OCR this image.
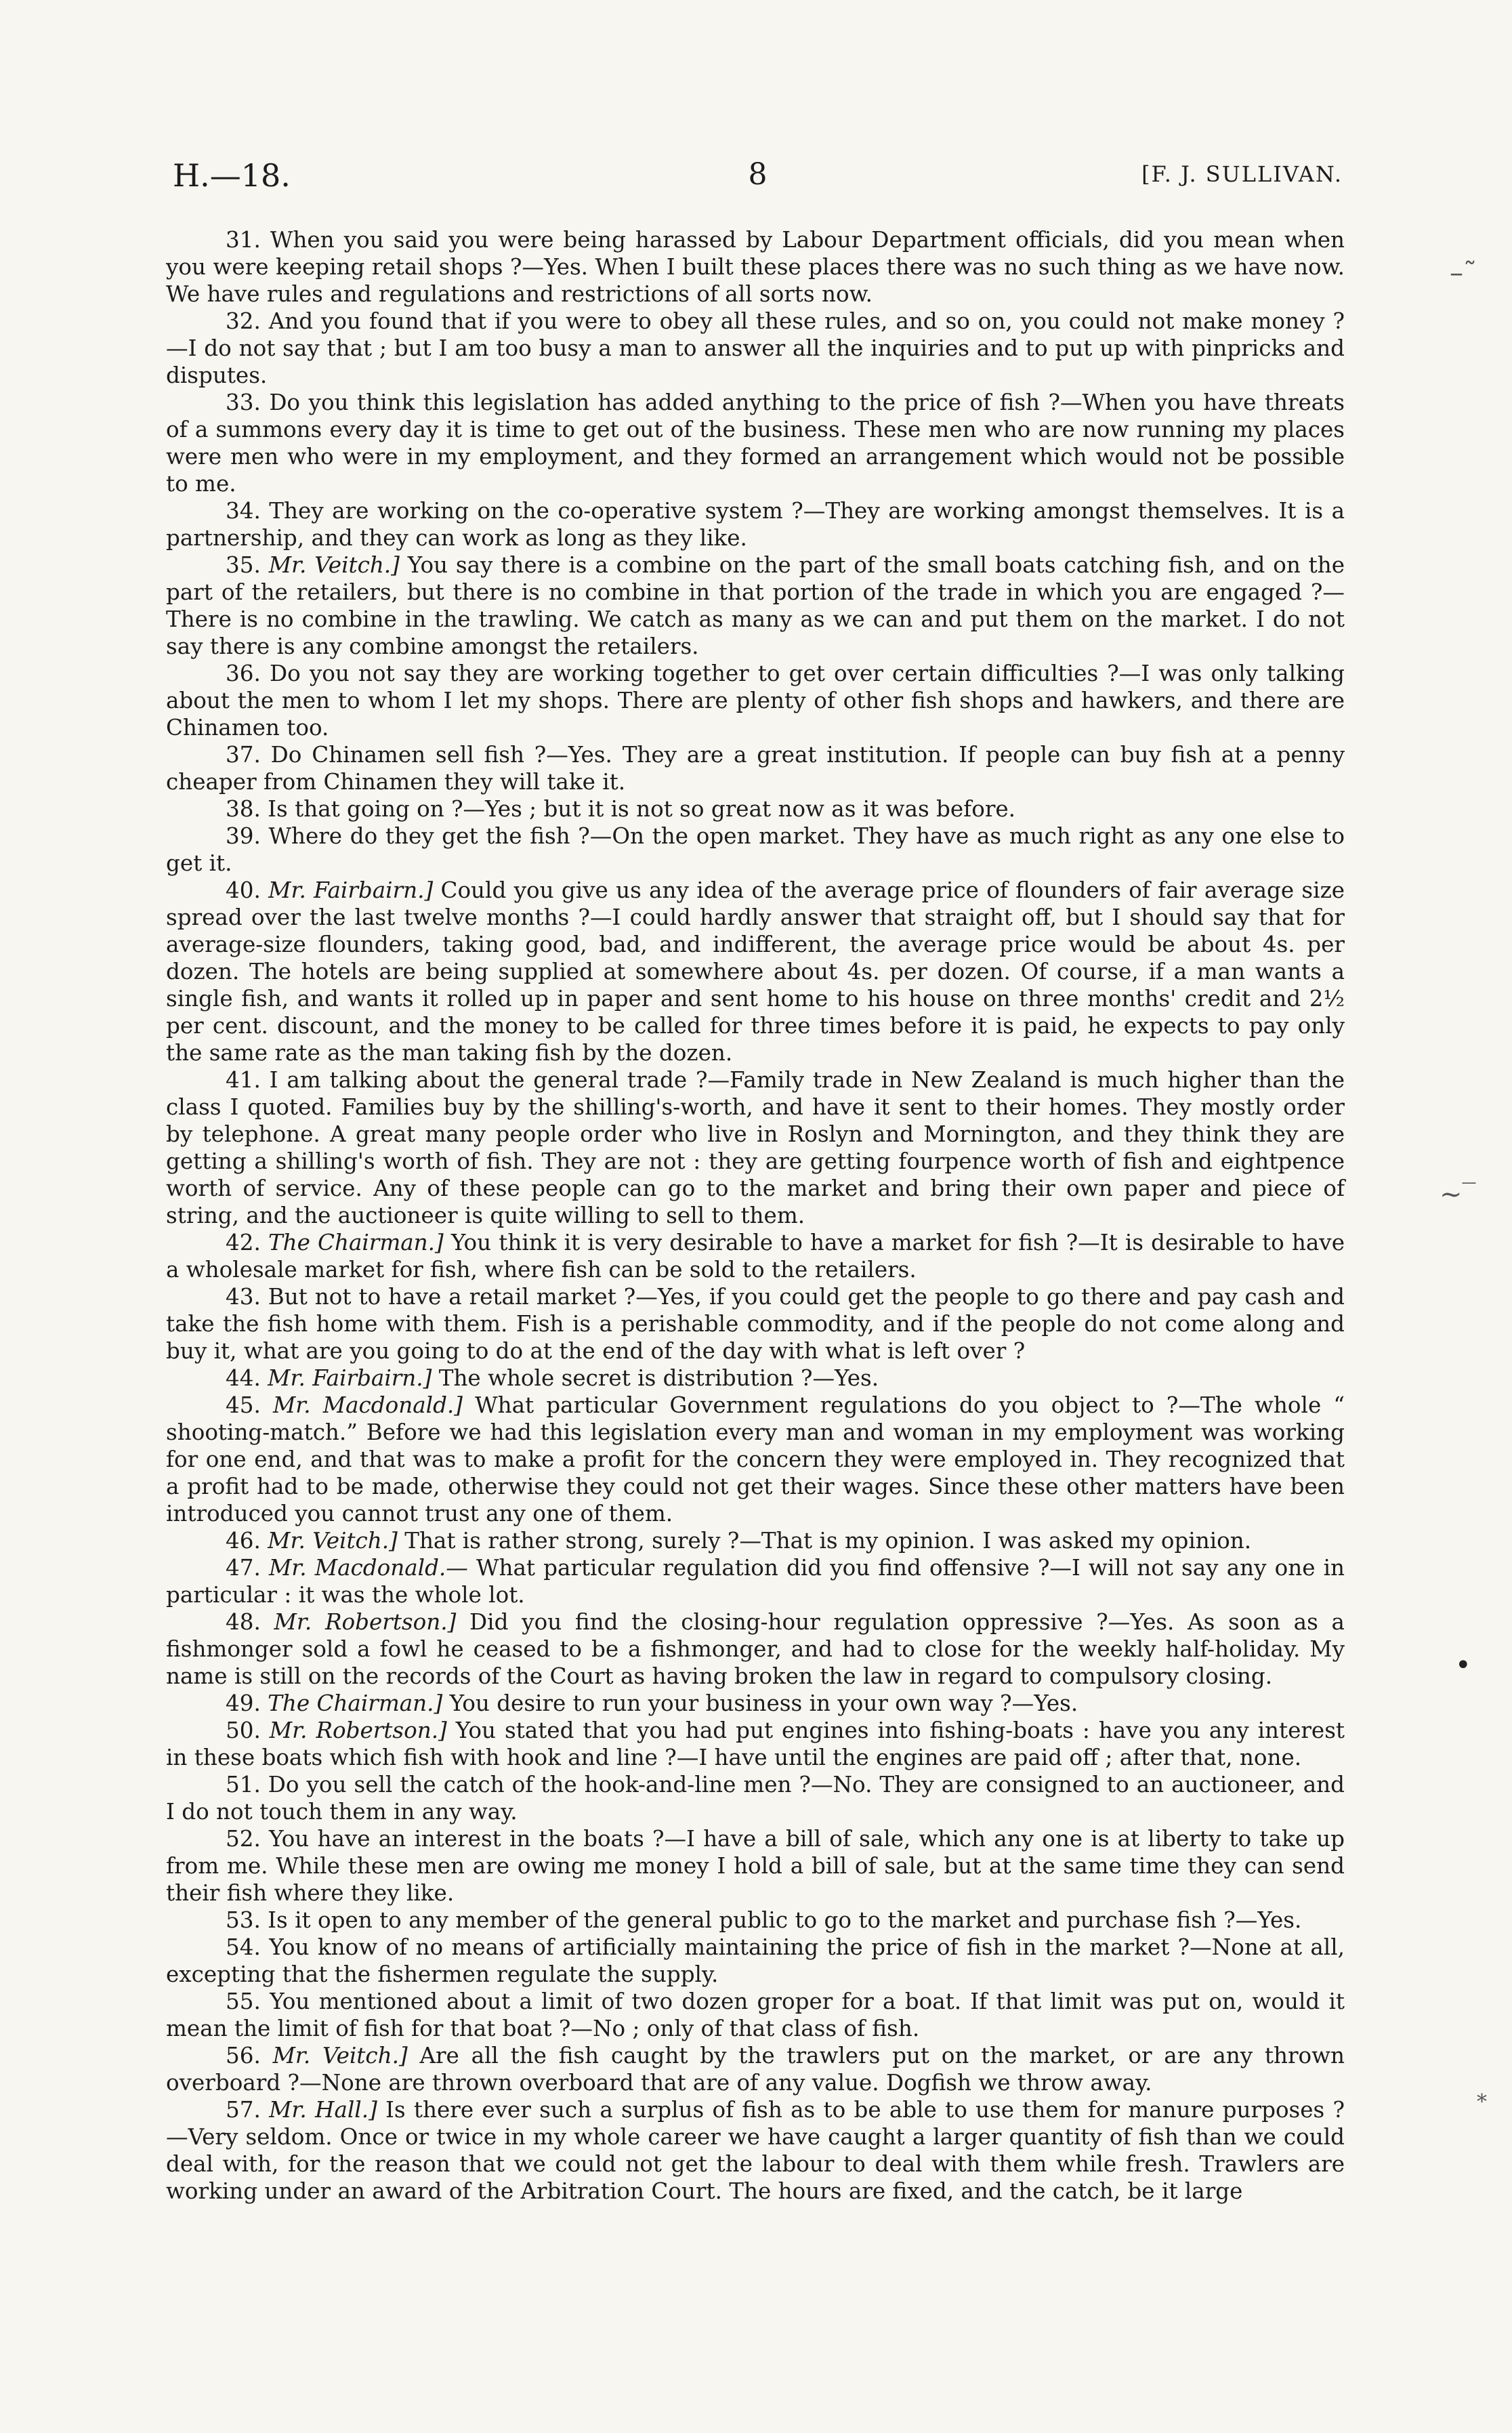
H.—18.	8	[F. J. SULLIVAN.

31. When you said you were being harassed by Labour Department officials, did you mean when you were keeping retail shops ?—Yes. When I built these places there was no such thing as we have now. We have rules and regulations and restrictions of all sorts now.

32. And you found that if you were to obey all these rules, and so on, you could not make money ? —I do not say that ; but I am too busy a man to answer all the inquiries and to put up with pinpricks and disputes.

33. Do you think this legislation has added anything to the price of fish ?—When you have threats of a summons every day it is time to get out of the business. These men who are now running my places were men who were in my employment, and they formed an arrangement which would not be possible to me.

34. They are working on the co-operative system ?—They are working amongst themselves. It is a partnership, and they can work as long as they like.

35. Mr. Veitch.] You say there is a combine on the part of the small boats catching fish, and on the part of the retailers, but there is no combine in that portion of the trade in which you are engaged ?—There is no combine in the trawling. We catch as many as we can and put them on the market. I do not say there is any combine amongst the retailers.

36. Do you not say they are working together to get over certain difficulties ?—I was only talking about the men to whom I let my shops. There are plenty of other fish shops and hawkers, and there are Chinamen too.

37. Do Chinamen sell fish ?—Yes. They are a great institution. If people can buy fish at a penny cheaper from Chinamen they will take it.

38. Is that going on ?—Yes ; but it is not so great now as it was before.

39. Where do they get the fish ?—On the open market. They have as much right as any one else to get it.

40. Mr. Fairbairn.] Could you give us any idea of the average price of flounders of fair average size spread over the last twelve months ?—I could hardly answer that straight off, but I should say that for average-size flounders, taking good, bad, and indifferent, the average price would be about 4s. per dozen. The hotels are being supplied at somewhere about 4s. per dozen. Of course, if a man wants a single fish, and wants it rolled up in paper and sent home to his house on three months' credit and 2½ per cent. discount, and the money to be called for three times before it is paid, he expects to pay only the same rate as the man taking fish by the dozen.

41. I am talking about the general trade ?—Family trade in New Zealand is much higher than the class I quoted. Families buy by the shilling's-worth, and have it sent to their homes. They mostly order by telephone. A great many people order who live in Roslyn and Mornington, and they think they are getting a shilling's worth of fish. They are not : they are getting fourpence worth of fish and eightpence worth of service. Any of these people can go to the market and bring their own paper and piece of string, and the auctioneer is quite willing to sell to them.

42. The Chairman.] You think it is very desirable to have a market for fish ?—It is desirable to have a wholesale market for fish, where fish can be sold to the retailers.

43. But not to have a retail market ?—Yes, if you could get the people to go there and pay cash and take the fish home with them. Fish is a perishable commodity, and if the people do not come along and buy it, what are you going to do at the end of the day with what is left over ?

44. Mr. Fairbairn.] The whole secret is distribution ?—Yes.

45. Mr. Macdonald.] What particular Government regulations do you object to ?—The whole “ shooting-match.” Before we had this legislation every man and woman in my employment was working for one end, and that was to make a profit for the concern they were employed in. They recognized that a profit had to be made, otherwise they could not get their wages. Since these other matters have been introduced you cannot trust any one of them.

46. Mr. Veitch.] That is rather strong, surely ?—That is my opinion. I was asked my opinion.

47. Mr. Macdonald.— What particular regulation did you find offensive ?—I will not say any one in particular : it was the whole lot.

48. Mr. Robertson.] Did you find the closing-hour regulation oppressive ?—Yes. As soon as a fishmonger sold a fowl he ceased to be a fishmonger, and had to close for the weekly half-holiday. My name is still on the records of the Court as having broken the law in regard to compulsory closing.

49. The Chairman.] You desire to run your business in your own way ?—Yes.

50. Mr. Robertson.] You stated that you had put engines into fishing-boats : have you any interest in these boats which fish with hook and line ?—I have until the engines are paid off ; after that, none.

51. Do you sell the catch of the hook-and-line men ?—No. They are consigned to an auctioneer, and I do not touch them in any way.

52. You have an interest in the boats ?—I have a bill of sale, which any one is at liberty to take up from me. While these men are owing me money I hold a bill of sale, but at the same time they can send their fish where they like.

53. Is it open to any member of the general public to go to the market and purchase fish ?—Yes.

54. You know of no means of artificially maintaining the price of fish in the market ?—None at all, excepting that the fishermen regulate the supply.

55. You mentioned about a limit of two dozen groper for a boat. If that limit was put on, would it mean the limit of fish for that boat ?—No ; only of that class of fish.

56. Mr. Veitch.] Are all the fish caught by the trawlers put on the market, or are any thrown overboard ?—None are thrown overboard that are of any value. Dogfish we throw away.

57. Mr. Hall.] Is there ever such a surplus of fish as to be able to use them for manure purposes ? —Very seldom. Once or twice in my whole career we have caught a larger quantity of fish than we could deal with, for the reason that we could not get the labour to deal with them while fresh. Trawlers are working under an award of the Arbitration Court. The hours are fixed, and the catch, be it large

–˜
~‾
•
*
